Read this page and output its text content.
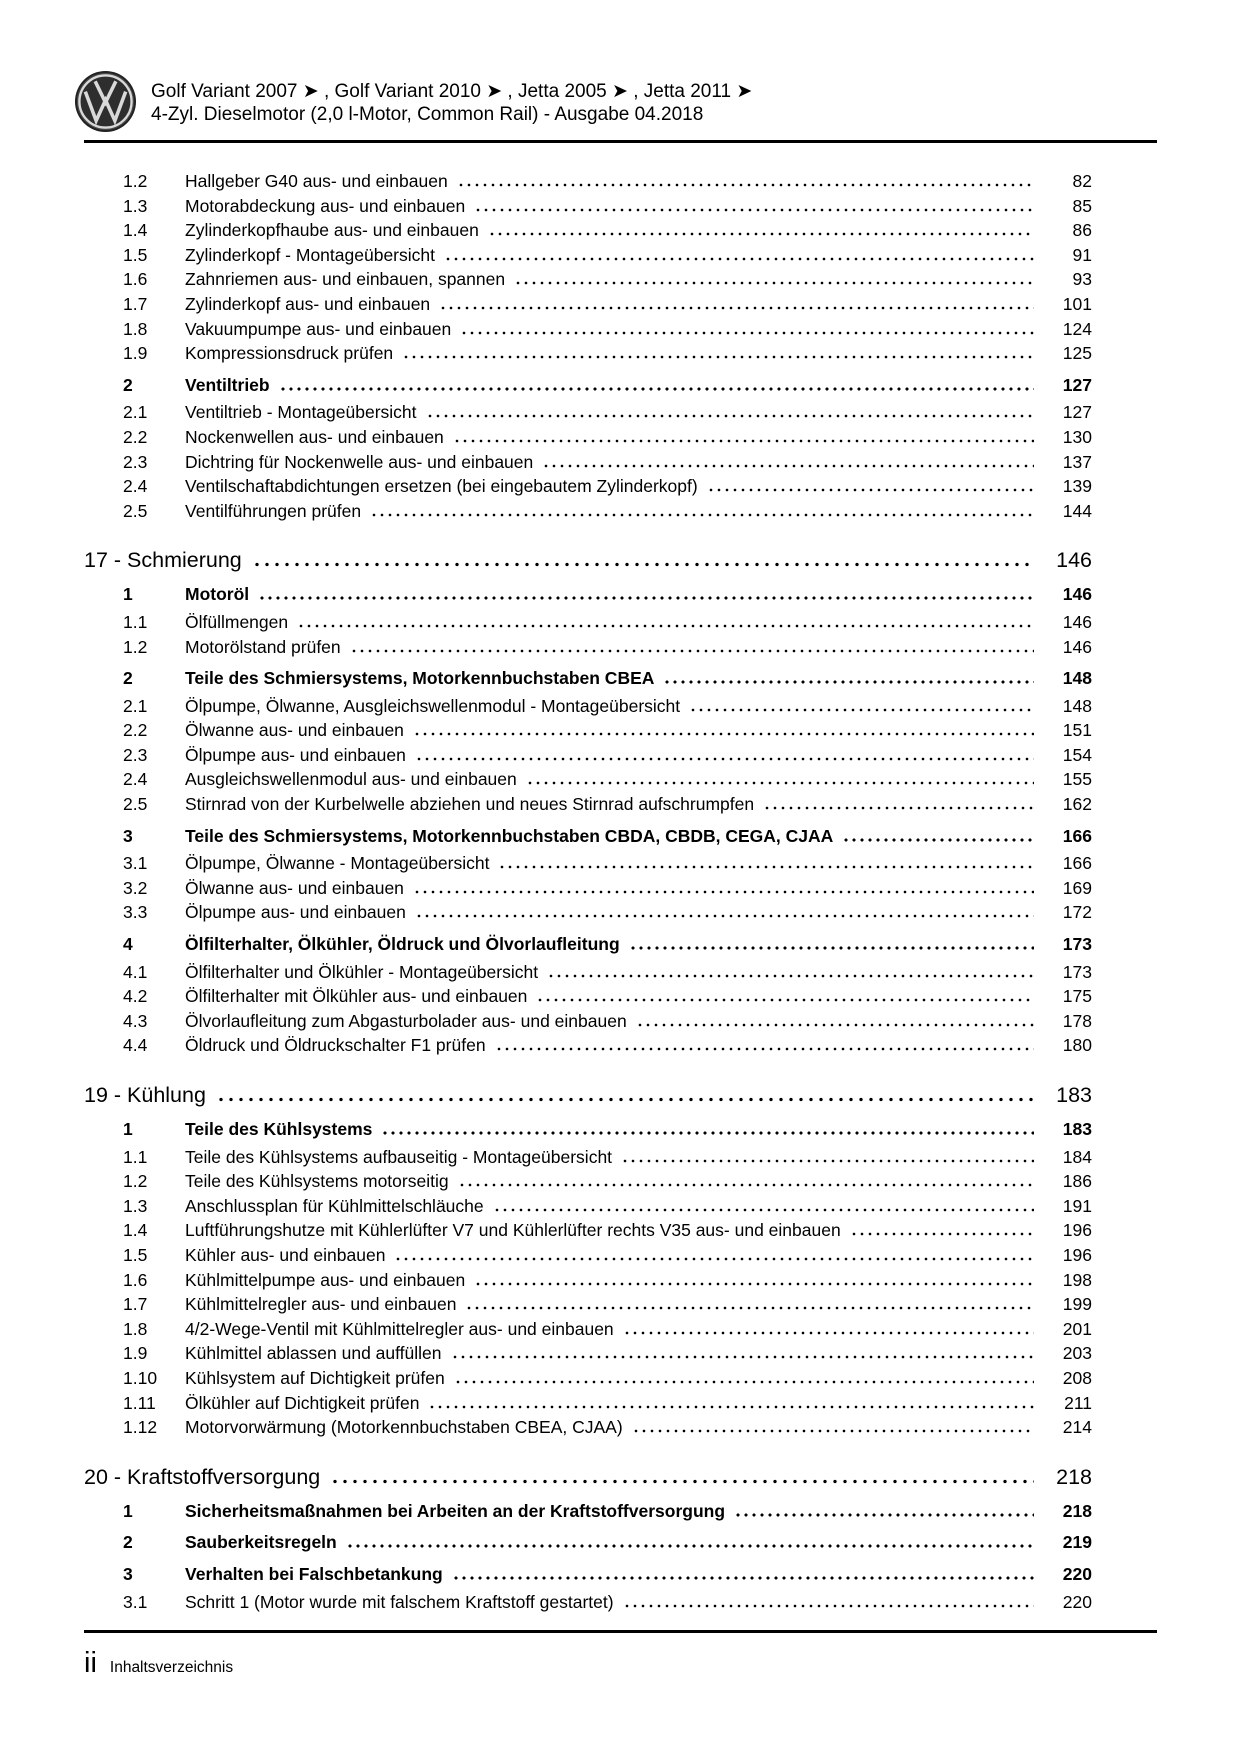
Golf Variant 2007 ➤ , Golf Variant 2010 ➤ , Jetta 2005 ➤ , Jetta 2011 ➤
4-Zyl. Dieselmotor (2,0 l-Motor, Common Rail) - Ausgabe 04.2018
1.2	Hallgeber G40 aus- und einbauen	82
1.3	Motorabdeckung aus- und einbauen	85
1.4	Zylinderkopfhaube aus- und einbauen	86
1.5	Zylinderkopf - Montageübersicht	91
1.6	Zahnriemen aus- und einbauen, spannen	93
1.7	Zylinderkopf aus- und einbauen	101
1.8	Vakuumpumpe aus- und einbauen	124
1.9	Kompressionsdruck prüfen	125
2	Ventiltrieb	127
2.1	Ventiltrieb - Montageübersicht	127
2.2	Nockenwellen aus- und einbauen	130
2.3	Dichtring für Nockenwelle aus- und einbauen	137
2.4	Ventilschaftabdichtungen ersetzen (bei eingebautem Zylinderkopf)	139
2.5	Ventilführungen prüfen	144
17 - Schmierung	146
1	Motoröl	146
1.1	Ölfüllmengen	146
1.2	Motorölstand prüfen	146
2	Teile des Schmiersystems, Motorkennbuchstaben CBEA	148
2.1	Ölpumpe, Ölwanne, Ausgleichswellenmodul - Montageübersicht	148
2.2	Ölwanne aus- und einbauen	151
2.3	Ölpumpe aus- und einbauen	154
2.4	Ausgleichswellenmodul aus- und einbauen	155
2.5	Stirnrad von der Kurbelwelle abziehen und neues Stirnrad aufschrumpfen	162
3	Teile des Schmiersystems, Motorkennbuchstaben CBDA, CBDB, CEGA, CJAA	166
3.1	Ölpumpe, Ölwanne - Montageübersicht	166
3.2	Ölwanne aus- und einbauen	169
3.3	Ölpumpe aus- und einbauen	172
4	Ölfilterhalter, Ölkühler, Öldruck und Ölvorlaufleitung	173
4.1	Ölfilterhalter und Ölkühler - Montageübersicht	173
4.2	Ölfilterhalter mit Ölkühler aus- und einbauen	175
4.3	Ölvorlaufleitung zum Abgasturbolader aus- und einbauen	178
4.4	Öldruck und Öldruckschalter F1 prüfen	180
19 - Kühlung	183
1	Teile des Kühlsystems	183
1.1	Teile des Kühlsystems aufbauseitig - Montageübersicht	184
1.2	Teile des Kühlsystems motorseitig	186
1.3	Anschlussplan für Kühlmittelschläuche	191
1.4	Luftführungshutze mit Kühlerlüfter V7 und Kühlerlüfter rechts V35 aus- und einbauen	196
1.5	Kühler aus- und einbauen	196
1.6	Kühlmittelpumpe aus- und einbauen	198
1.7	Kühlmittelregler aus- und einbauen	199
1.8	4/2-Wege-Ventil mit Kühlmittelregler aus- und einbauen	201
1.9	Kühlmittel ablassen und auffüllen	203
1.10	Kühlsystem auf Dichtigkeit prüfen	208
1.11	Ölkühler auf Dichtigkeit prüfen	211
1.12	Motorvorwärmung (Motorkennbuchstaben CBEA, CJAA)	214
20 - Kraftstoffversorgung	218
1	Sicherheitsmaßnahmen bei Arbeiten an der Kraftstoffversorgung	218
2	Sauberkeitsregeln	219
3	Verhalten bei Falschbetankung	220
3.1	Schritt 1 (Motor wurde mit falschem Kraftstoff gestartet)	220
ii Inhaltsverzeichnis
